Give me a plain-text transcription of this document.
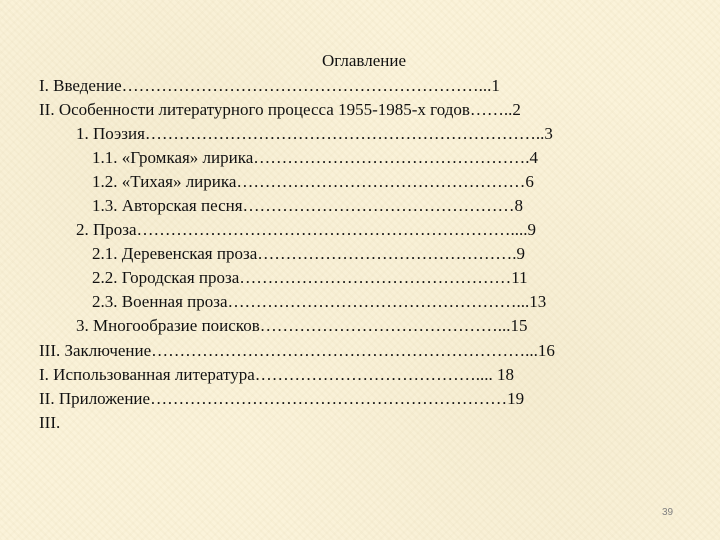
Оглавление
I. Введение………………………………………………………...1
II. Особенности литературного процесса 1955-1985-х годов……..2
1. Поэзия……………………………………………………………..3
1.1. «Громкая» лирика………………………………………….4
1.2. «Тихая» лирика……………………………………………6
1.3. Авторская песня…………………………………………8
2. Проза…………………………………………………………....9
2.1. Деревенская проза……………………………………….9
2.2. Городская проза…………………………………………11
2.3. Военная проза……………………………………………...13
3. Многообразие поисков……………………………………...15
III. Заключение…………………………………………………………...16
I. Использованная литература………………………………….... 18
II. Приложение………………………………………………………19
III.
39
